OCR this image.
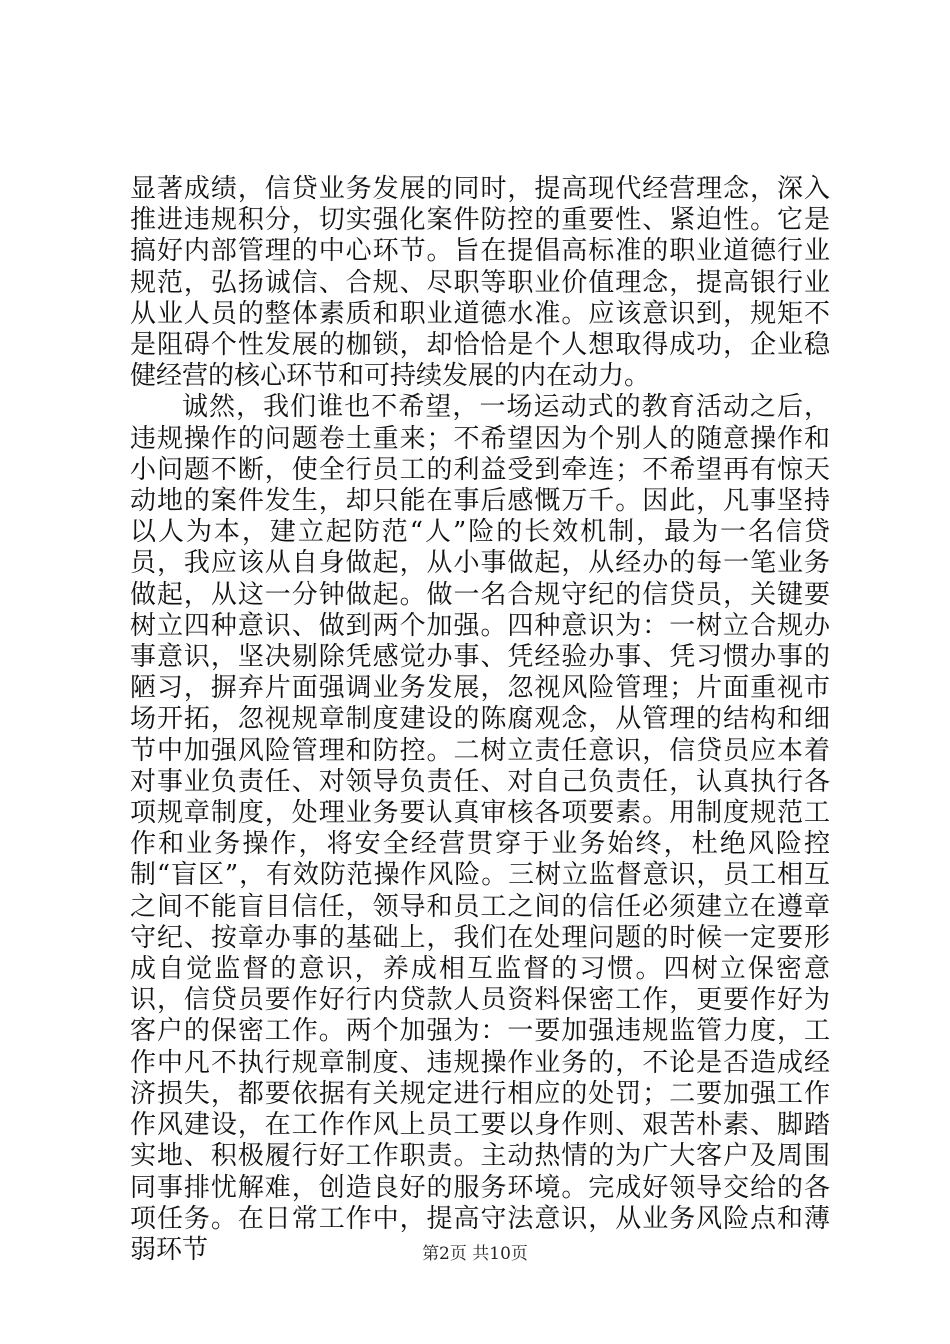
显著成绩，信贷业务发展的同时，提高现代经营理念，深入推进违规积分，切实强化案件防控的重要性、紧迫性。它是搞好内部管理的中心环节。旨在提倡高标准的职业道德行业规范，弘扬诚信、合规、尽职等职业价值理念，提高银行业从业人员的整体素质和职业道德水准。应该意识到，规矩不是阻碍个性发展的枷锁，却恰恰是个人想取得成功，企业稳健经营的核心环节和可持续发展的内在动力。

诚然，我们谁也不希望，一场运动式的教育活动之后，违规操作的问题卷土重来；不希望因为个别人的随意操作和小问题不断，使全行员工的利益受到牵连；不希望再有惊天动地的案件发生，却只能在事后感慨万千。因此，凡事坚持以人为本，建立起防范“人”险的长效机制，最为一名信贷员，我应该从自身做起，从小事做起，从经办的每一笔业务做起，从这一分钟做起。做一名合规守纪的信贷员，关键要树立四种意识、做到两个加强。四种意识为：一树立合规办事意识，坚决剔除凭感觉办事、凭经验办事、凭习惯办事的陋习，摒弃片面强调业务发展，忽视风险管理；片面重视市场开拓，忽视规章制度建设的陈腐观念，从管理的结构和细节中加强风险管理和防控。二树立责任意识，信贷员应本着对事业负责任、对领导负责任、对自己负责任，认真执行各项规章制度，处理业务要认真审核各项要素。用制度规范工作和业务操作，将安全经营贯穿于业务始终，杜绝风险控制“盲区”，有效防范操作风险。三树立监督意识，员工相互之间不能盲目信任，领导和员工之间的信任必须建立在遵章守纪、按章办事的基础上，我们在处理问题的时候一定要形成自觉监督的意识，养成相互监督的习惯。四树立保密意识，信贷员要作好行内贷款人员资料保密工作，更要作好为客户的保密工作。两个加强为：一要加强违规监管力度，工作中凡不执行规章制度、违规操作业务的，不论是否造成经济损失，都要依据有关规定进行相应的处罚；二要加强工作作风建设，在工作作风上员工要以身作则、艰苦朴素、脚踏实地、积极履行好工作职责。主动热情的为广大客户及周围同事排忧解难，创造良好的服务环境。完成好领导交给的各项任务。在日常工作中，提高守法意识，从业务风险点和薄弱环节	第2页 共10页
